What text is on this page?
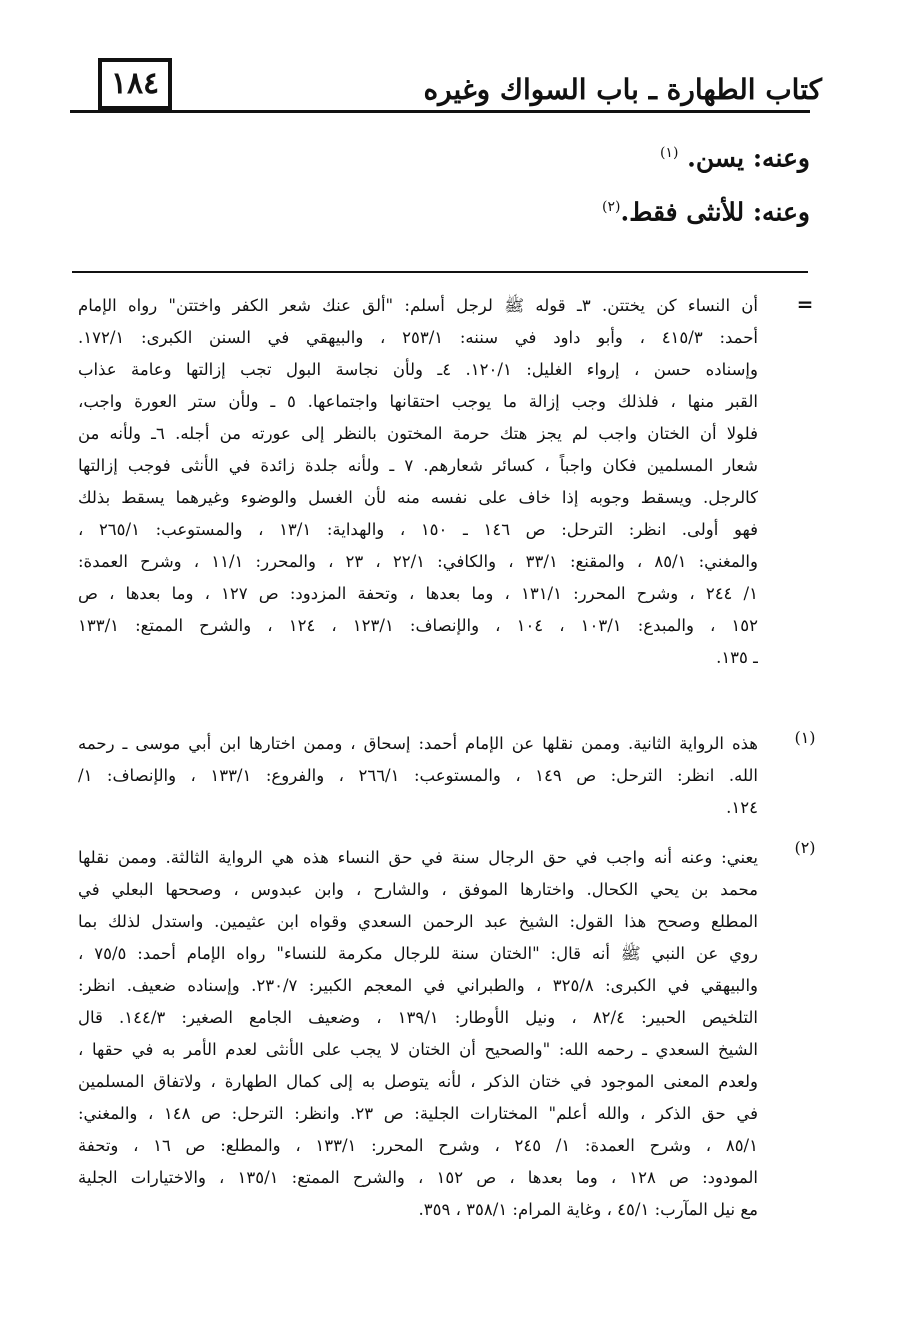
١٨٤	كتاب الطهارة ـ باب السواك وغيره
وعنه: يسن. $^{(١)}$
وعنه: للأنثى فقط.$^{(٢)}$
=
أن النساء كن يختتن. ٣ـ قوله ﷺ لرجل أسلم: "ألق عنك شعر الكفر واختتن" رواه الإمام
أحمد: ٤١٥/٣ ، وأبو داود في سننه: ٢٥٣/١ ، والبيهقي في السنن الكبرى: ١٧٢/١.
وإسناده حسن ، إرواء الغليل: ١٢٠/١. ٤ـ ولأن نجاسة البول تجب إزالتها وعامة عذاب
القبر منها ، فلذلك وجب إزالة ما يوجب احتقانها واجتماعها. ٥ ـ ولأن ستر العورة واجب،
فلولا أن الختان واجب لم يجز هتك حرمة المختون بالنظر إلى عورته من أجله. ٦ـ ولأنه من
شعار المسلمين فكان واجباً ، كسائر شعارهم. ٧ ـ ولأنه جلدة زائدة في الأنثى فوجب إزالتها
كالرجل. ويسقط وجوبه إذا خاف على نفسه منه لأن الغسل والوضوء وغيرهما يسقط بذلك
فهو أولى. انظر: الترحل: ص ١٤٦ ـ ١٥٠ ، والهداية: ١٣/١ ، والمستوعب: ٢٦٥/١ ،
والمغني: ٨٥/١ ، والمقنع: ٣٣/١ ، والكافي: ٢٢/١ ، ٢٣ ، والمحرر: ١١/١ ، وشرح العمدة:
١/ ٢٤٤ ، وشرح المحرر: ١٣١/١ ، وما بعدها ، وتحفة المزدود: ص ١٢٧ ، وما بعدها ، ص
١٥٢ ، والمبدع: ١٠٣/١ ، ١٠٤ ، والإنصاف: ١٢٣/١ ، ١٢٤ ، والشرح الممتع: ١٣٣/١
ـ ١٣٥.
(١)
هذه الرواية الثانية. وممن نقلها عن الإمام أحمد: إسحاق ، وممن اختارها ابن أبي موسى ـ رحمه
الله. انظر: الترحل: ص ١٤٩ ، والمستوعب: ٢٦٦/١ ، والفروع: ١٣٣/١ ، والإنصاف: ١/
١٢٤.
(٢)
يعني: وعنه أنه واجب في حق الرجال سنة في حق النساء هذه هي الرواية الثالثة. وممن نقلها
محمد بن يحي الكحال. واختارها الموفق ، والشارح ، وابن عبدوس ، وصححها البعلي في
المطلع وصحح هذا القول: الشيخ عبد الرحمن السعدي وقواه ابن عثيمين. واستدل لذلك بما
روي عن النبي ﷺ أنه قال: "الختان سنة للرجال مكرمة للنساء" رواه الإمام أحمد: ٧٥/٥ ،
والبيهقي في الكبرى: ٣٢٥/٨ ، والطبراني في المعجم الكبير: ٢٣٠/٧. وإسناده ضعيف. انظر:
التلخيص الحبير: ٨٢/٤ ، ونيل الأوطار: ١٣٩/١ ، وضعيف الجامع الصغير: ١٤٤/٣. قال
الشيخ السعدي ـ رحمه الله: "والصحيح أن الختان لا يجب على الأنثى لعدم الأمر به في حقها ،
ولعدم المعنى الموجود في ختان الذكر ، لأنه يتوصل به إلى كمال الطهارة ، ولاتفاق المسلمين
في حق الذكر ، والله أعلم" المختارات الجلية: ص ٢٣. وانظر: الترحل: ص ١٤٨ ، والمغني:
٨٥/١ ، وشرح العمدة: ١/ ٢٤٥ ، وشرح المحرر: ١٣٣/١ ، والمطلع: ص ١٦ ، وتحفة
المودود: ص ١٢٨ ، وما بعدها ، ص ١٥٢ ، والشرح الممتع: ١٣٥/١ ، والاختيارات الجلية
مع نيل المآرب: ٤٥/١ ، وغاية المرام: ٣٥٨/١ ، ٣٥٩.
